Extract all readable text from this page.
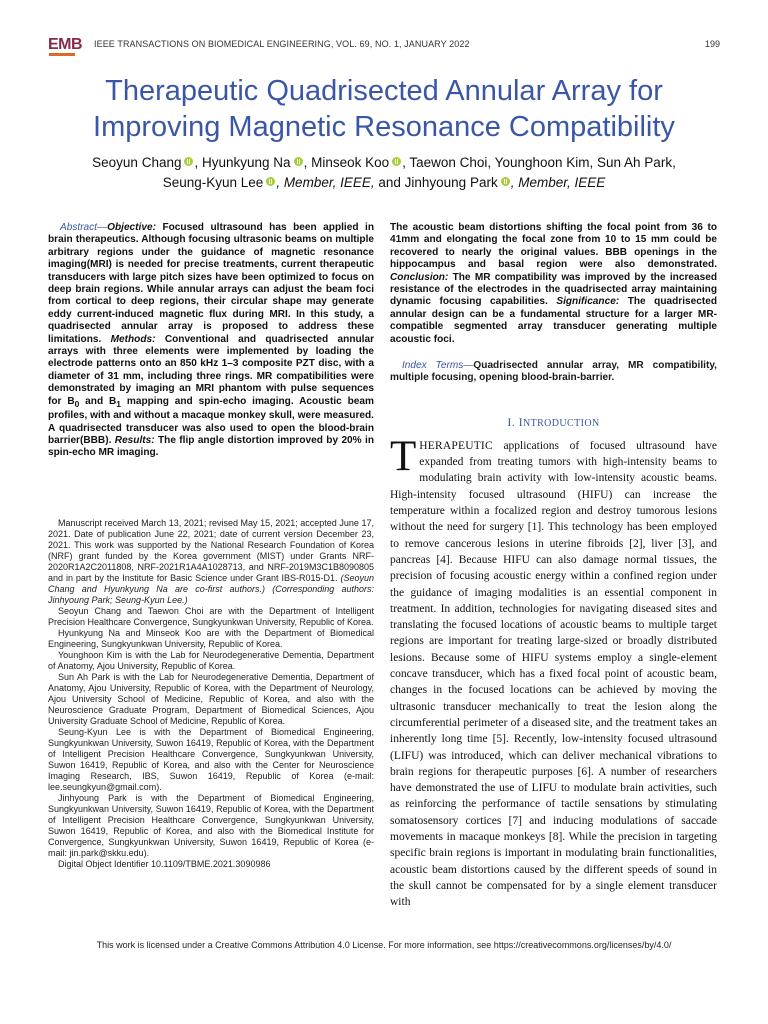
EMB IEEE TRANSACTIONS ON BIOMEDICAL ENGINEERING, VOL. 69, NO. 1, JANUARY 2022	199
Therapeutic Quadrisected Annular Array for
Improving Magnetic Resonance Compatibility
Seoyun Chang , Hyunkyung Na , Minseok Koo , Taewon Choi, Younghoon Kim, Sun Ah Park,
Seung-Kyun Lee , Member, IEEE, and Jinhyoung Park , Member, IEEE

Abstract—Objective: Focused ultrasound has been applied in brain therapeutics. Although focusing ultrasonic beams on multiple arbitrary regions under the guidance of magnetic resonance imaging(MRI) is needed for precise treatments, current therapeutic transducers with large pitch sizes have been optimized to focus on deep brain regions. While annular arrays can adjust the beam foci from cortical to deep regions, their circular shape may generate eddy current-induced magnetic flux during MRI. In this study, a quadrisected annular array is proposed to address these limitations. Methods: Conventional and quadrisected annular arrays with three elements were implemented by loading the electrode patterns onto an 850 kHz 1–3 composite PZT disc, with a diameter of 31 mm, including three rings. MR compatibilities were demonstrated by imaging an MRI phantom with pulse sequences for $B_0$ and $B_1$ mapping and spin-echo imaging. Acoustic beam profiles, with and without a macaque monkey skull, were measured. A quadrisected transducer was also used to open the blood-brain barrier(BBB). Results: The flip angle distortion improved by 20% in spin-echo MR imaging.

Manuscript received March 13, 2021; revised May 15, 2021; accepted June 17, 2021. Date of publication June 22, 2021; date of current version December 23, 2021. This work was supported by the National Research Foundation of Korea (NRF) grant funded by the Korea government (MIST) under Grants NRF-2020R1A2C2011808, NRF-2021R1A4A1028713, and NRF-2019M3C1B8090805 and in part by the Institute for Basic Science under Grant IBS-R015-D1. (Seoyun Chang and Hyunkyung Na are co-first authors.) (Corresponding authors: Jinhyoung Park; Seung-Kyun Lee.)

Seoyun Chang and Taewon Choi are with the Department of Intelligent Precision Healthcare Convergence, Sungkyunkwan University, Republic of Korea.

Hyunkyung Na and Minseok Koo are with the Department of Biomedical Engineering, Sungkyunkwan University, Republic of Korea.

Younghoon Kim is with the Lab for Neurodegenerative Dementia, Department of Anatomy, Ajou University, Republic of Korea.

Sun Ah Park is with the Lab for Neurodegenerative Dementia, Department of Anatomy, Ajou University, Republic of Korea, with the Department of Neurology, Ajou University School of Medicine, Republic of Korea, and also with the Neuroscience Graduate Program, Department of Biomedical Sciences, Ajou University Graduate School of Medicine, Republic of Korea.

Seung-Kyun Lee is with the Department of Biomedical Engineering, Sungkyunkwan University, Suwon 16419, Republic of Korea, with the Department of Intelligent Precision Healthcare Convergence, Sungkyunkwan University, Suwon 16419, Republic of Korea, and also with the Center for Neuroscience Imaging Research, IBS, Suwon 16419, Republic of Korea (e-mail: lee.seungkyun@gmail.com).

Jinhyoung Park is with the Department of Biomedical Engineering, Sungkyunkwan University, Suwon 16419, Republic of Korea, with the Department of Intelligent Precision Healthcare Convergence, Sungkyunkwan University, Suwon 16419, Republic of Korea, and also with the Biomedical Institute for Convergence, Sungkyunkwan University, Suwon 16419, Republic of Korea (e-mail: jin.park@skku.edu).

Digital Object Identifier 10.1109/TBME.2021.3090986

The acoustic beam distortions shifting the focal point from 36 to 41mm and elongating the focal zone from 10 to 15 mm could be recovered to nearly the original values. BBB openings in the hippocampus and basal region were also demonstrated. Conclusion: The MR compatibility was improved by the increased resistance of the electrodes in the quadrisected array maintaining dynamic focusing capabilities. Significance: The quadrisected annular design can be a fundamental structure for a larger MR-compatible segmented array transducer generating multiple acoustic foci.

Index Terms—Quadrisected annular array, MR compatibility, multiple focusing, opening blood-brain-barrier.

I. INTRODUCTION
THERAPEUTIC applications of focused ultrasound have expanded from treating tumors with high-intensity beams to modulating brain activity with low-intensity acoustic beams. High-intensity focused ultrasound (HIFU) can increase the temperature within a focalized region and destroy tumorous lesions without the need for surgery [1]. This technology has been employed to remove cancerous lesions in uterine fibroids [2], liver [3], and pancreas [4]. Because HIFU can also damage normal tissues, the precision of focusing acoustic energy within a confined region under the guidance of imaging modalities is an essential component in treatment. In addition, technologies for navigating diseased sites and translating the focused locations of acoustic beams to multiple target regions are important for treating large-sized or broadly distributed lesions. Because some of HIFU systems employ a single-element concave transducer, which has a fixed focal point of acoustic beam, changes in the focused locations can be achieved by moving the ultrasonic transducer mechanically to treat the lesion along the circumferential perimeter of a diseased site, and the treatment takes an inherently long time [5]. Recently, low-intensity focused ultrasound (LIFU) was introduced, which can deliver mechanical vibrations to brain regions for therapeutic purposes [6]. A number of researchers have demonstrated the use of LIFU to modulate brain activities, such as reinforcing the performance of tactile sensations by stimulating somatosensory cortices [7] and inducing modulations of saccade movements in macaque monkeys [8]. While the precision in targeting specific brain regions is important in modulating brain functionalities, acoustic beam distortions caused by the different speeds of sound in the skull cannot be compensated for by a single element transducer with
This work is licensed under a Creative Commons Attribution 4.0 License. For more information, see https://creativecommons.org/licenses/by/4.0/
